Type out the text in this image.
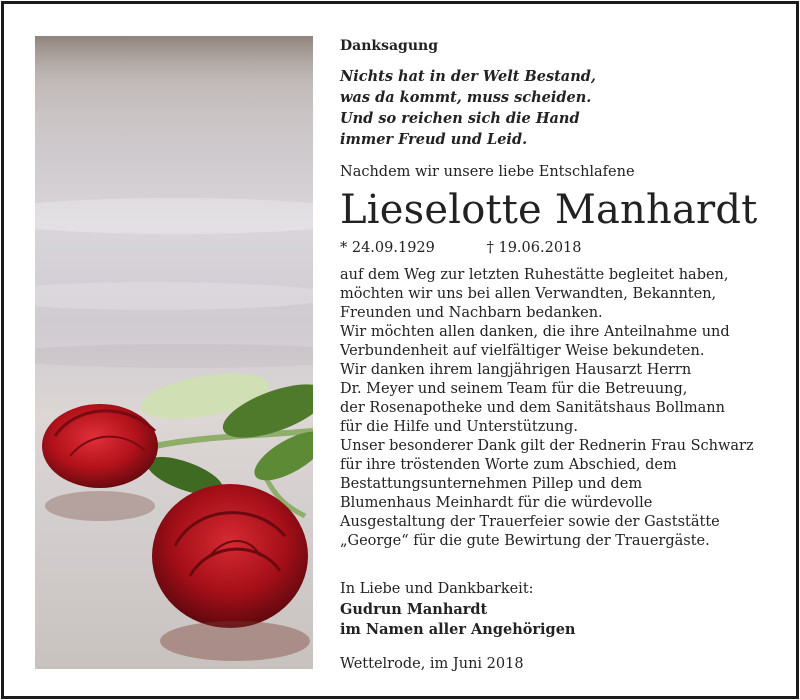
Danksagung
Nichts hat in der Welt Bestand,
was da kommt, muss scheiden.
Und so reichen sich die Hand
immer Freud und Leid.
Nachdem wir unsere liebe Entschlafene
Lieselotte Manhardt
* 24.09.1929	† 19.06.2018
auf dem Weg zur letzten Ruhestätte begleitet haben,
möchten wir uns bei allen Verwandten, Bekannten,
Freunden und Nachbarn bedanken.
Wir möchten allen danken, die ihre Anteilnahme und
Verbundenheit auf vielfältiger Weise bekundeten.
Wir danken ihrem langjährigen Hausarzt Herrn
Dr. Meyer und seinem Team für die Betreuung,
der Rosenapotheke und dem Sanitätshaus Bollmann
für die Hilfe und Unterstützung.
Unser besonderer Dank gilt der Rednerin Frau Schwarz
für ihre tröstenden Worte zum Abschied, dem
Bestattungsunternehmen Pillep und dem
Blumenhaus Meinhardt für die würdevolle
Ausgestaltung der Trauerfeier sowie der Gaststätte
„George“ für die gute Bewirtung der Trauergäste.
In Liebe und Dankbarkeit:
Gudrun Manhardt
im Namen aller Angehörigen
Wettelrode, im Juni 2018
